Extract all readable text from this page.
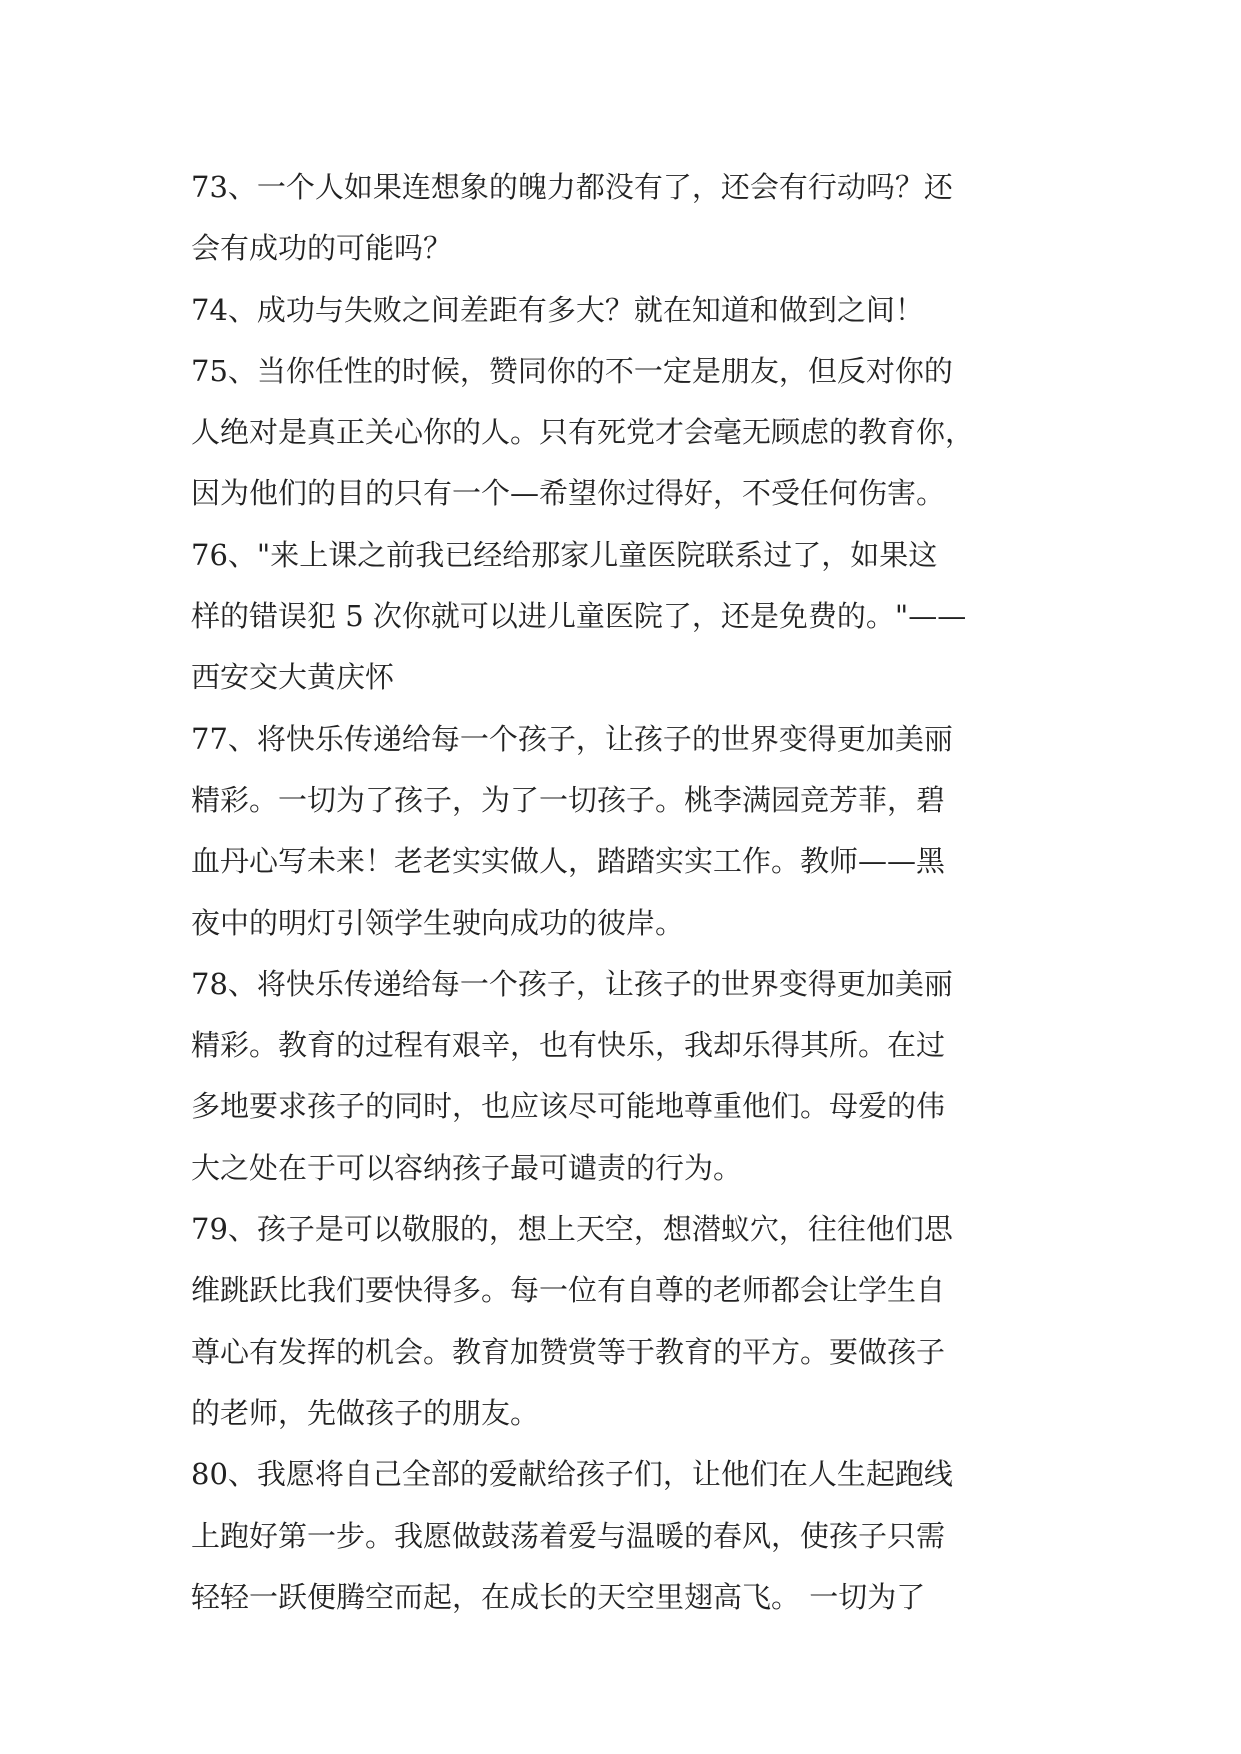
73、一个人如果连想象的魄力都没有了，还会有行动吗？还
会有成功的可能吗？
74、成功与失败之间差距有多大？就在知道和做到之间！
75、当你任性的时候，赞同你的不一定是朋友，但反对你的
人绝对是真正关心你的人。只有死党才会毫无顾虑的教育你，
因为他们的目的只有一个—希望你过得好，不受任何伤害。
76、"来上课之前我已经给那家儿童医院联系过了，如果这
样的错误犯 5 次你就可以进儿童医院了，还是免费的。"——
西安交大黄庆怀
77、将快乐传递给每一个孩子，让孩子的世界变得更加美丽
精彩。一切为了孩子，为了一切孩子。桃李满园竞芳菲，碧
血丹心写未来！老老实实做人，踏踏实实工作。教师——黑
夜中的明灯引领学生驶向成功的彼岸。
78、将快乐传递给每一个孩子，让孩子的世界变得更加美丽
精彩。教育的过程有艰辛，也有快乐，我却乐得其所。在过
多地要求孩子的同时，也应该尽可能地尊重他们。母爱的伟
大之处在于可以容纳孩子最可谴责的行为。
79、孩子是可以敬服的，想上天空，想潜蚁穴，往往他们思
维跳跃比我们要快得多。每一位有自尊的老师都会让学生自
尊心有发挥的机会。教育加赞赏等于教育的平方。要做孩子
的老师，先做孩子的朋友。
80、我愿将自己全部的爱献给孩子们，让他们在人生起跑线
上跑好第一步。我愿做鼓荡着爱与温暖的春风，使孩子只需
轻轻一跃便腾空而起，在成长的天空里翅高飞。 一切为了
